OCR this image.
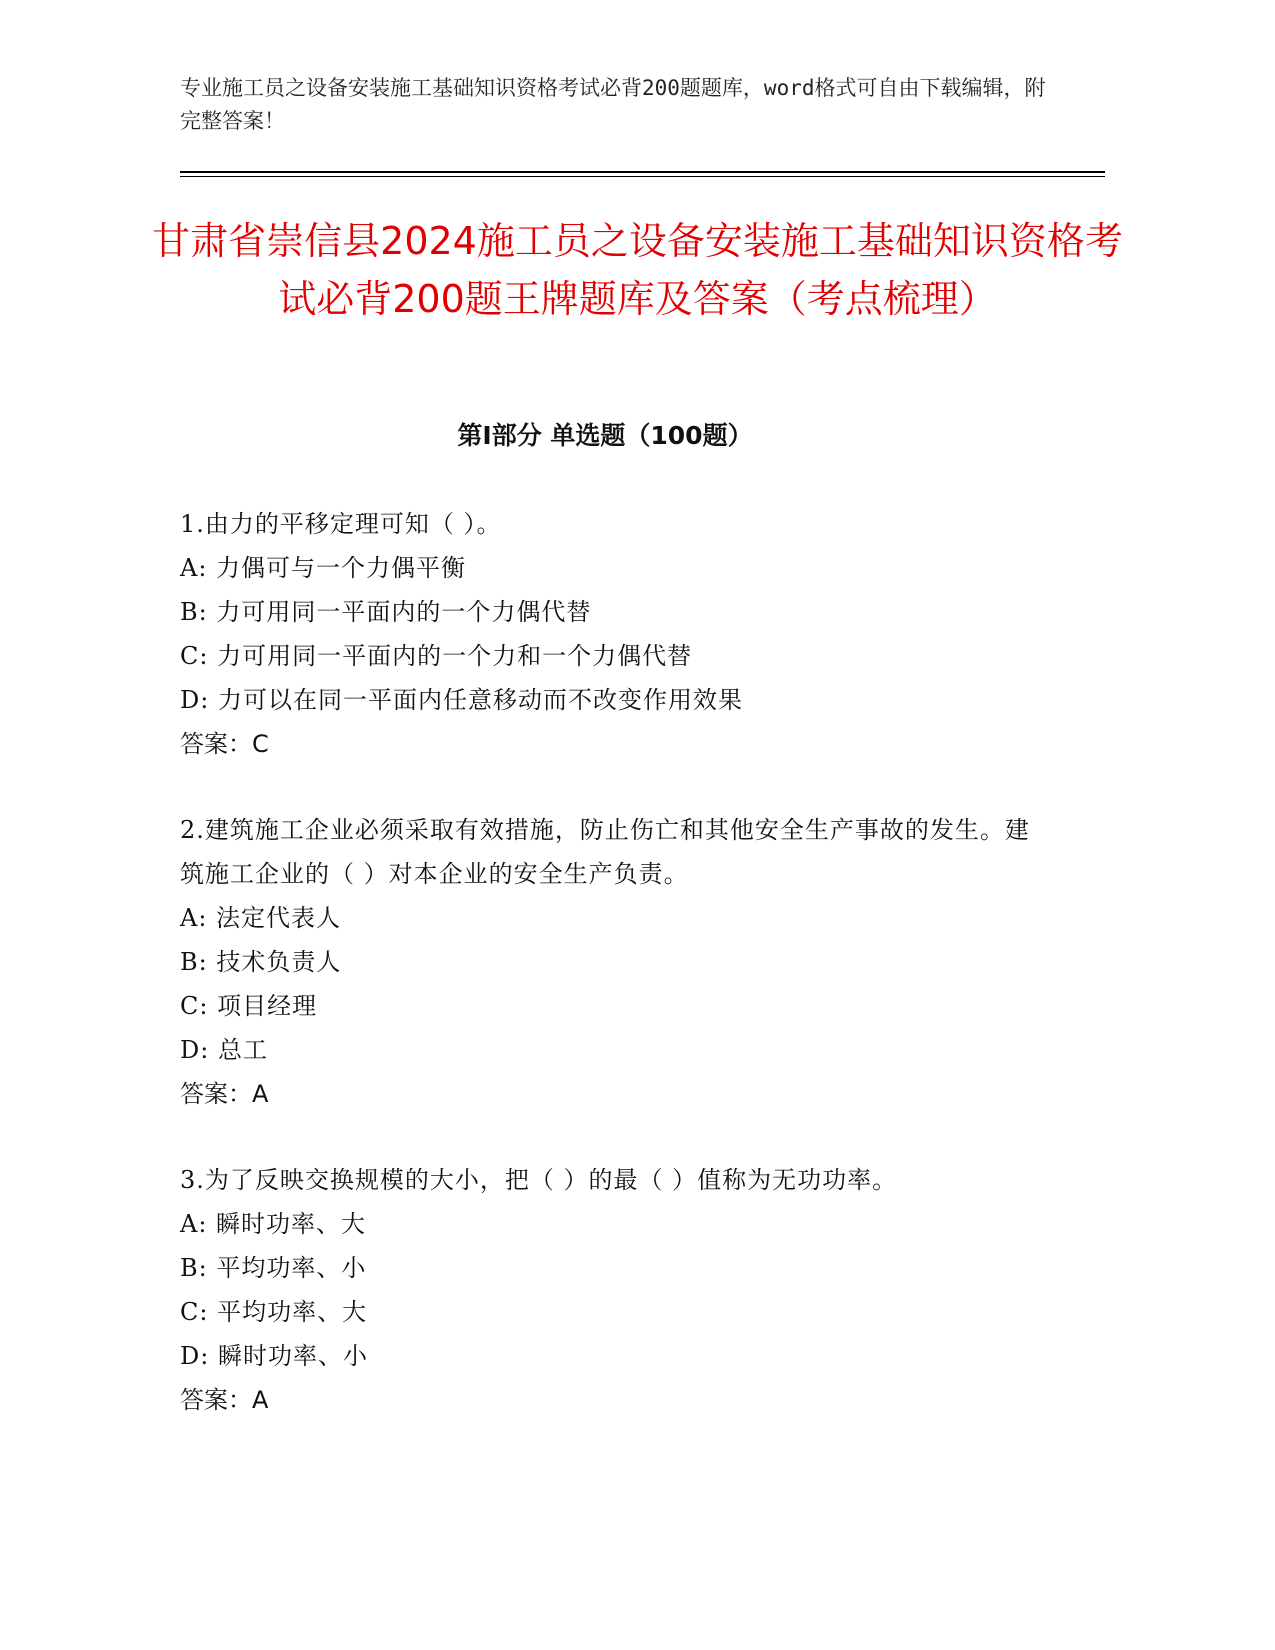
专业施工员之设备安装施工基础知识资格考试必背200题题库，word格式可自由下载编辑，附完整答案！
甘肃省崇信县2024施工员之设备安装施工基础知识资格考试必背200题王牌题库及答案（考点梳理）
第I部分 单选题（100题）
1.由力的平移定理可知（ ）。
A: 力偶可与一个力偶平衡
B: 力可用同一平面内的一个力偶代替
C: 力可用同一平面内的一个力和一个力偶代替
D: 力可以在同一平面内任意移动而不改变作用效果
答案：C
2.建筑施工企业必须采取有效措施，防止伤亡和其他安全生产事故的发生。建筑施工企业的（ ）对本企业的安全生产负责。
A: 法定代表人
B: 技术负责人
C: 项目经理
D: 总工
答案：A
3.为了反映交换规模的大小，把（ ）的最（ ）值称为无功功率。
A: 瞬时功率、大
B: 平均功率、小
C: 平均功率、大
D: 瞬时功率、小
答案：A
